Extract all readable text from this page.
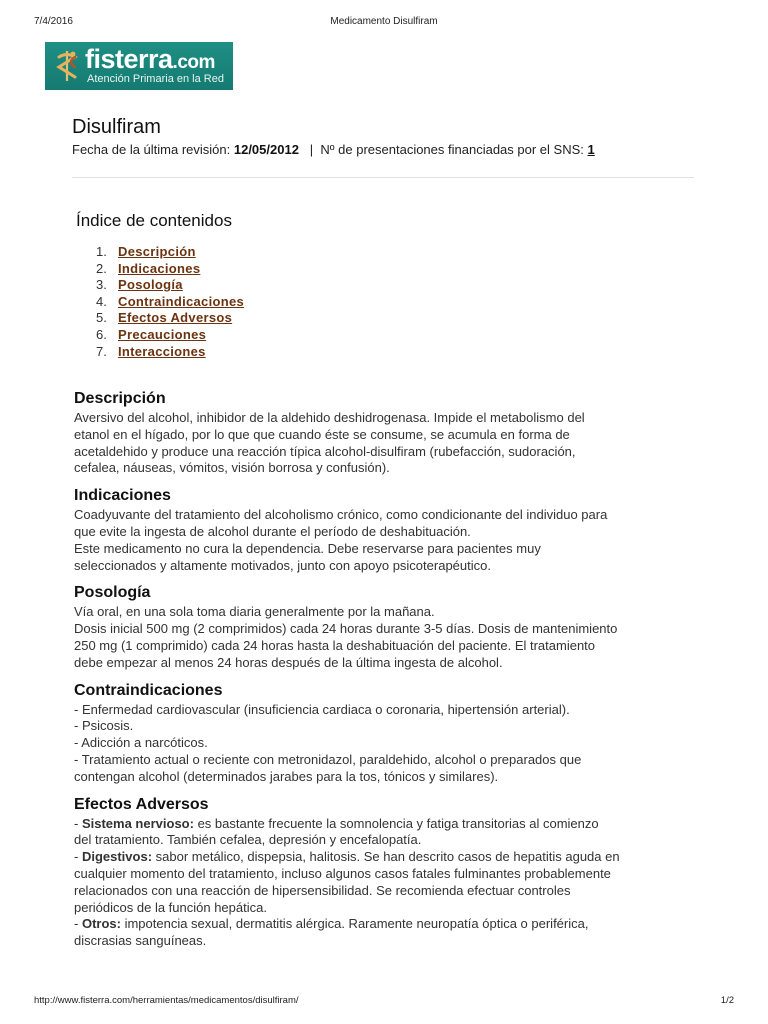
7/4/2016	Medicamento Disulfiram
fisterra.com
Atención Primaria en la Red
Disulfiram
Fecha de la última revisión: 12/05/2012 | Nº de presentaciones financiadas por el SNS: 1
Índice de contenidos
1. Descripción
2. Indicaciones
3. Posología
4. Contraindicaciones
5. Efectos Adversos
6. Precauciones
7. Interacciones
Descripción

Aversivo del alcohol, inhibidor de la aldehido deshidrogenasa. Impide el metabolismo del

etanol en el hígado, por lo que que cuando éste se consume, se acumula en forma de

acetaldehido y produce una reacción típica alcohol-disulfiram (rubefacción, sudoración,

cefalea, náuseas, vómitos, visión borrosa y confusión).

Indicaciones

Coadyuvante del tratamiento del alcoholismo crónico, como condicionante del individuo para

que evite la ingesta de alcohol durante el período de deshabituación.

Este medicamento no cura la dependencia. Debe reservarse para pacientes muy

seleccionados y altamente motivados, junto con apoyo psicoterapéutico.

Posología

Vía oral, en una sola toma diaria generalmente por la mañana.

Dosis inicial 500 mg (2 comprimidos) cada 24 horas durante 3-5 días. Dosis de mantenimiento

250 mg (1 comprimido) cada 24 horas hasta la deshabituación del paciente. El tratamiento

debe empezar al menos 24 horas después de la última ingesta de alcohol.

Contraindicaciones

- Enfermedad cardiovascular (insuficiencia cardiaca o coronaria, hipertensión arterial).

- Psicosis.

- Adicción a narcóticos.

- Tratamiento actual o reciente con metronidazol, paraldehido, alcohol o preparados que

contengan alcohol (determinados jarabes para la tos, tónicos y similares).

Efectos Adversos

- Sistema nervioso: es bastante frecuente la somnolencia y fatiga transitorias al comienzo

del tratamiento. También cefalea, depresión y encefalopatía.

- Digestivos: sabor metálico, dispepsia, halitosis. Se han descrito casos de hepatitis aguda en

cualquier momento del tratamiento, incluso algunos casos fatales fulminantes probablemente

relacionados con una reacción de hipersensibilidad. Se recomienda efectuar controles

periódicos de la función hepática.

- Otros: impotencia sexual, dermatitis alérgica. Raramente neuropatía óptica o periférica,

discrasias sanguíneas.

http://www.fisterra.com/herramientas/medicamentos/disulfiram/	1/2
